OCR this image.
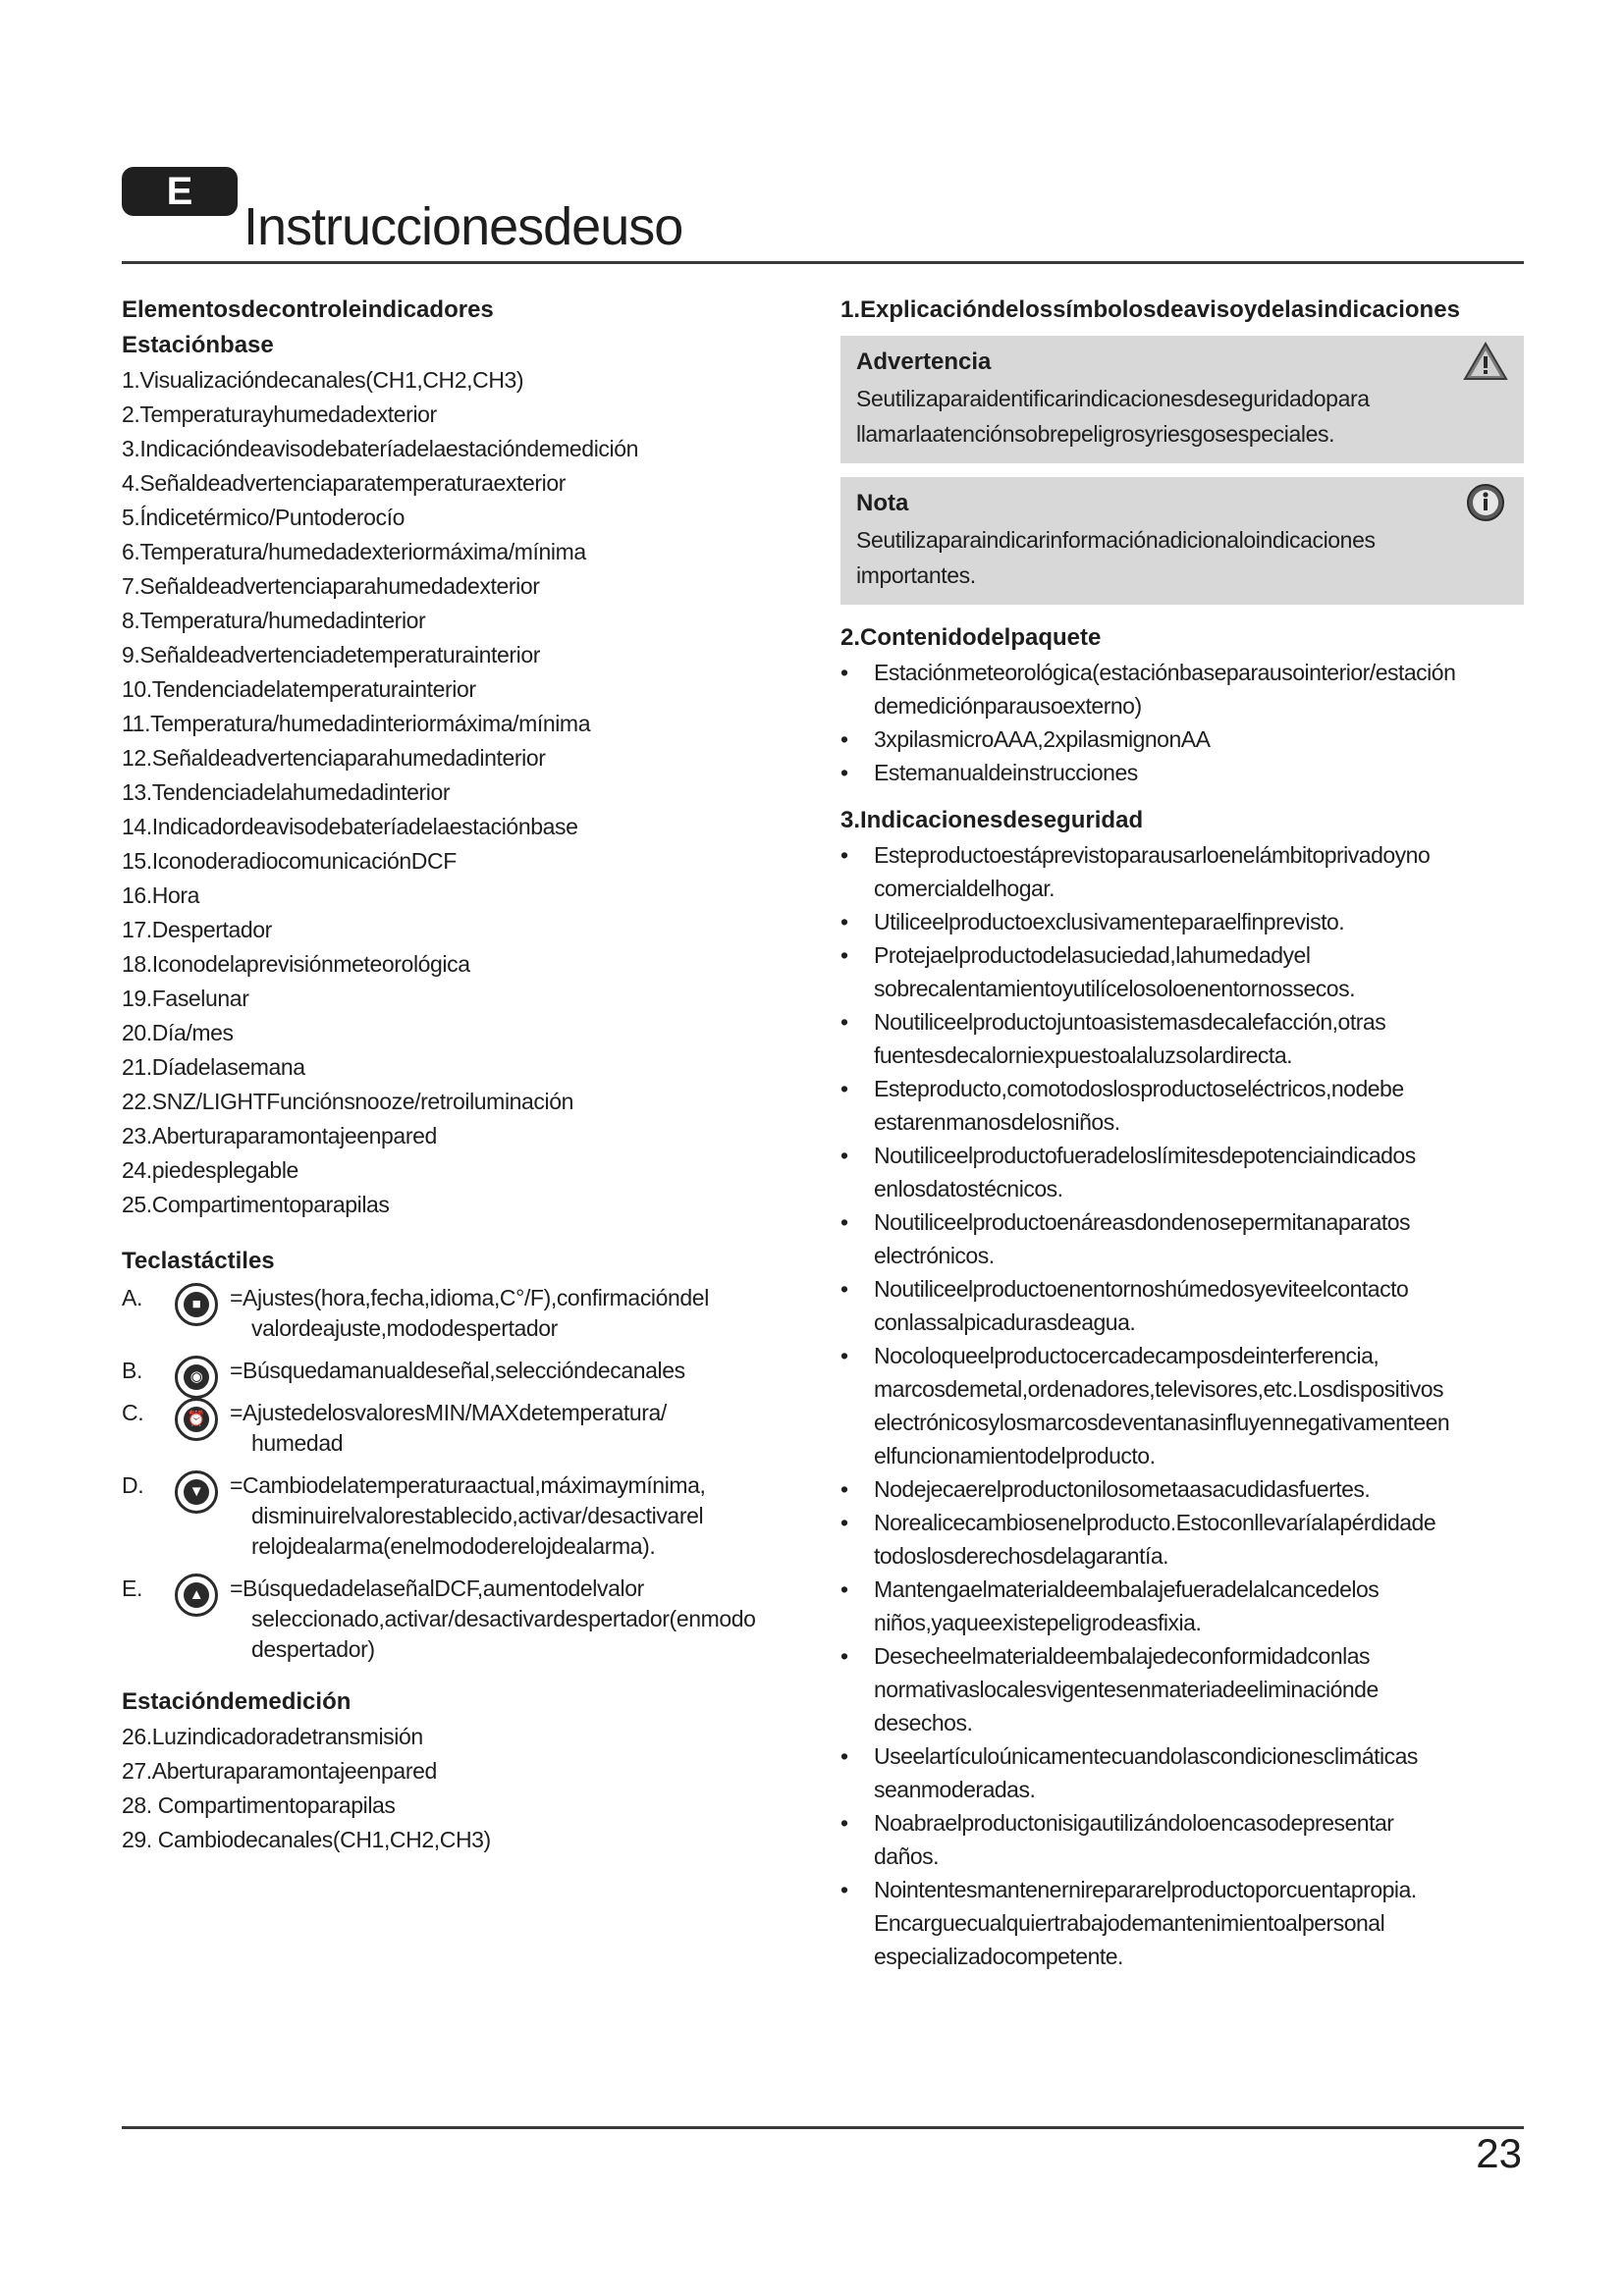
E
Instruccionesdeuso
Elementosdecontroleindicadores
Estaciónbase
1.Visualizacióndecanales(CH1,CH2,CH3)
2.Temperaturayhumedadexterior
3.Indicacióndeavisodebateríadelaestacióndemedición
4.Señaldeadvertenciaparatemperaturaexterior
5.Índicetérmico/Puntoderocío
6.Temperatura/humedadexteriormáxima/mínima
7.Señaldeadvertenciaparahumedadexterior
8.Temperatura/humedadinterior
9.Señaldeadvertenciadetemperaturainterior
10.Tendenciadelatemperaturainterior
11.Temperatura/humedadinteriormáxima/mínima
12.Señaldeadvertenciaparahumedadinterior
13.Tendenciadelahumedadinterior
14.Indicadordeavisodebateríadelaestaciónbase
15.IconoderadiocomunicaciónDCF
16.Hora
17.Despertador
18.Iconodelaprevisiónmeteorológica
19.Faselunar
20.Día/mes
21.Díadelasemana
22.SNZ/LIGHTFunciónsnooze/retroiluminación
23.Aberturaparamontajeenpared
24.piedesplegable
25.Compartimentoparapilas
Teclastáctiles
A.	■	=Ajustes(hora,fecha,idioma,C°/F),confirmacióndel
valordeajuste,mododespertador
B.	◉ =Búsquedamanualdeseñal,seleccióndecanales
C.	⏰ =AjustedelosvaloresMIN/MAXdetemperatura/
humedad
D.	▼ =Cambiodelatemperaturaactual,máximaymínima,
disminuirelvalorestablecido,activar/desactivarel
relojdealarma(enelmododerelojdealarma).
E.	▲ =BúsquedadelaseñalDCF,aumentodelvalor
seleccionado,activar/desactivardespertador(enmodo
despertador)
Estacióndemedición
26.Luzindicadoradetransmisión
27.Aberturaparamontajeenpared
28. Compartimentoparapilas
29. Cambiodecanales(CH1,CH2,CH3)
1.Explicacióndelossímbolosdeavisoydelasindicaciones
Advertencia
Seutilizaparaidentificarindicacionesdeseguridadopara
llamarlaatenciónsobrepeligrosyriesgosespeciales.
Nota
Seutilizaparaindicarinformaciónadicionaloindicaciones
importantes.
2.Contenidodelpaquete
• Estaciónmeteorológica(estaciónbaseparausointerior/estación
demediciónparausoexterno)
• 3xpilasmicroAAA,2xpilasmignonAA
• Estemanualdeinstrucciones
3.Indicacionesdeseguridad
• Esteproductoestáprevistoparausarloenelámbitoprivadoyno
comercialdelhogar.
• Utiliceelproductoexclusivamenteparaelfinprevisto.
• Protejaelproductodelasuciedad,lahumedadyel
sobrecalentamientoyutilícelosoloenentornossecos.
• Noutiliceelproductojuntoasistemasdecalefacción,otras
fuentesdecalorniexpuestoalaluzsolardirecta.
• Esteproducto,comotodoslosproductoseléctricos,nodebe
estarenmanosdelosniños.
• Noutiliceelproductofueradeloslímitesdepotenciaindicados
enlosdatostécnicos.
• Noutiliceelproductoenáreasdondenosepermitanaparatos
electrónicos.
• Noutiliceelproductoenentornoshúmedosyeviteelcontacto
conlassalpicadurasdeagua.
• Nocoloqueelproductocercadecamposdeinterferencia,
marcosdemetal,ordenadores,televisores,etc.Losdispositivos
electrónicosylosmarcosdeventanasinfluyennegativamenteen
elfuncionamientodelproducto.
• Nodejecaerelproductonilosometaasacudidasfuertes.
• Norealicecambiosenelproducto.Estoconllevaríalapérdidade
todoslosderechosdelagarantía.
• Mantengaelmaterialdeembalajefueradelalcancedelos
niños,yaqueexistepeligrodeasfixia.
• Desecheelmaterialdeembalajedeconformidadconlas
normativaslocalesvigentesenmateriadeeliminaciónde
desechos.
• Useelartículoúnicamentecuandolascondicionesclimáticas
seanmoderadas.
• Noabraelproductonisigautilizándoloencasodepresentar
daños.
• Nointentesmantenernirepararelproductoporcuentapropia.
Encarguecualquiertrabajodemantenimientoalpersonal
especializadocompetente.
23
